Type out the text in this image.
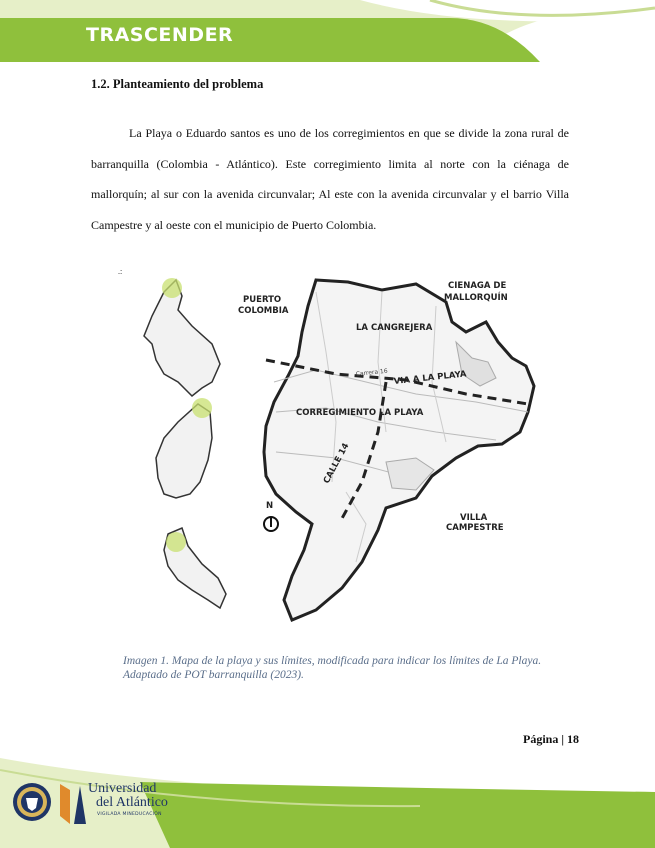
TRASCENDER
1.2. Planteamiento del problema
La Playa o Eduardo santos es uno de los corregimientos en que se divide la zona rural de barranquilla (Colombia - Atlántico). Este corregimiento limita al norte con la ciénaga de mallorquín; al sur con la avenida circunvalar; Al este con la avenida circunvalar y el barrio Villa Campestre y al oeste con el municipio de Puerto Colombia.
.:
PUERTO
COLOMBIA
CIENAGA DE
MALLORQUÍN
LA CANGREJERA
VIA A LA PLAYA
Carrera 16
CORREGIMIENTO LA PLAYA
CALLE 14
VILLA
CAMPESTRE
N
Imagen 1. Mapa de la playa y sus límites, modificada para indicar los límites de La Playa. Adaptado de POT barranquilla (2023).
Página | 18
Universidad
del Atlántico
VIGILADA MINEDUCACIÓN
